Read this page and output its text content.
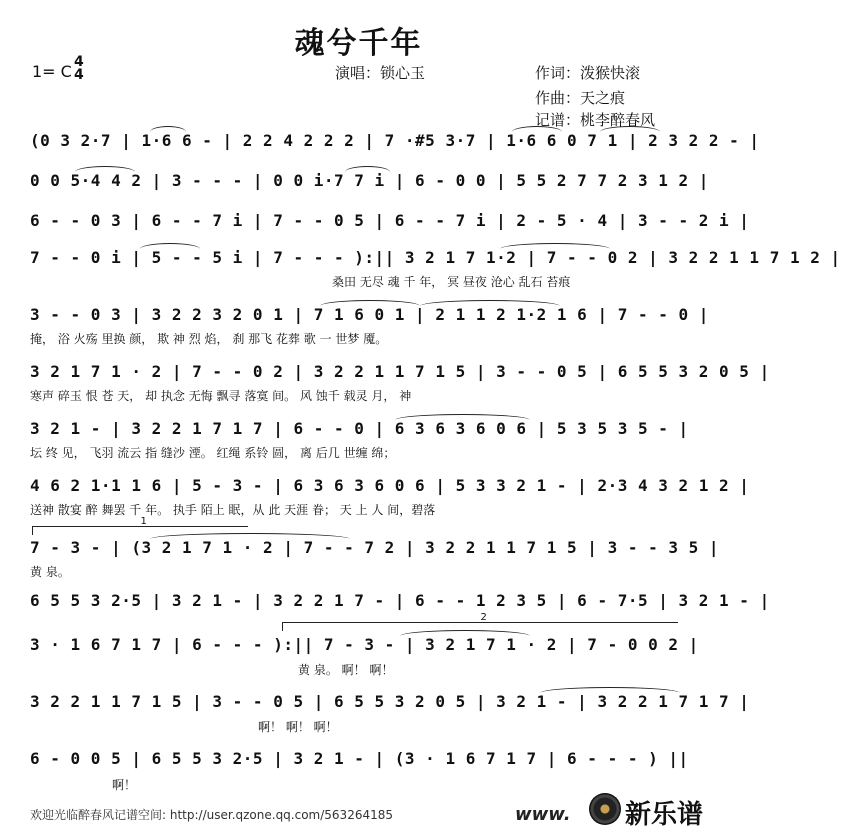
魂兮千年
1= C 4
4	演唱：锁心玉	作词：泼猴快滚
作曲：天之痕
记谱：桃李醉春风
(0 3 2·7 | 1·6 6 - | 2 2 4 2 2 2 | 7 ·#5 3·7 | 1·6 6 0 7 1 | 2 3 2 2 - |
0 0 5·4 4 2 | 3 - - - | 0 0 i·7 7 i | 6 - 0 0 | 5 5 2 7 7 2 3 1 2 |
6 - - 0 3 | 6 - - 7 i | 7 - - 0 5 | 6 - - 7 i | 2 - 5 · 4 | 3 - - 2 i |
7 - - 0 i | 5 - - 5 i | 7 - - - ):|| 3 2 1 7 1·2 | 7 - - 0 2 | 3 2 2 1 1 7 1 2 |
3 - - 0 3 | 3 2 2 3 2 0 1 | 7 1 6 0 1 | 2 1 1 2 1·2 1 6 | 7 - - 0 |
3 2 1 7 1 · 2 | 7 - - 0 2 | 3 2 2 1 1 7 1 5 | 3 - - 0 5 | 6 5 5 3 2 0 5 |
3 2 1 - | 3 2 2 1 7 1 7 | 6 - - 0 | 6 3 6 3 6 0 6 | 5 3 5 3 5 - |
4 6 2 1·1 1 6 | 5 - 3 - | 6 3 6 3 6 0 6 | 5 3 3 2 1 - | 2·3 4 3 2 1 2 |
7 - 3 - | (3 2 1 7 1 · 2 | 7 - - 7 2 | 3 2 2 1 1 7 1 5 | 3 - - 3 5 |
6 5 5 3 2·5 | 3 2 1 - | 3 2 2 1 7 - | 6 - - 1 2 3 5 | 6 - 7·5 | 3 2 1 - |
3 · 1 6 7 1 7 | 6 - - - ):|| 7 - 3 - | 3 2 1 7 1 · 2 | 7 - 0 0 2 |
3 2 2 1 1 7 1 5 | 3 - - 0 5 | 6 5 5 3 2 0 5 | 3 2 1 - | 3 2 2 1 7 1 7 |
6 - 0 0 5 | 6 5 5 3 2·5 | 3 2 1 - | (3 · 1 6 7 1 7 | 6 - - - ) ||
桑田 无尽 魂 千 年， 冥 昼夜 沧心 乱石 苔痕
掩， 浴 火殇 里换 颜， 欺 神 烈 焰， 刹 那飞 花葬 歌 一 世梦 魇。
寒声 碎玉 恨 苍 天， 却 执念 无悔 飘寻 落寞 间。 风 蚀千 载灵 月， 神
坛 终 见， 飞羽 流云 指 缝沙 湮。 红绳 系铃 圆， 离 后几 世缠 绵；
送神 散宴 醉 舞罢 千 年。 执手 陌上 眠，从 此 天涯 眷； 天 上 人 间，碧落
黄 泉。
黄 泉。 啊！ 啊！
啊！ 啊！ 啊！
啊！
1
2
欢迎光临醉春风记谱空间: http://user.qzone.qq.com/563264185	www. 新乐谱
